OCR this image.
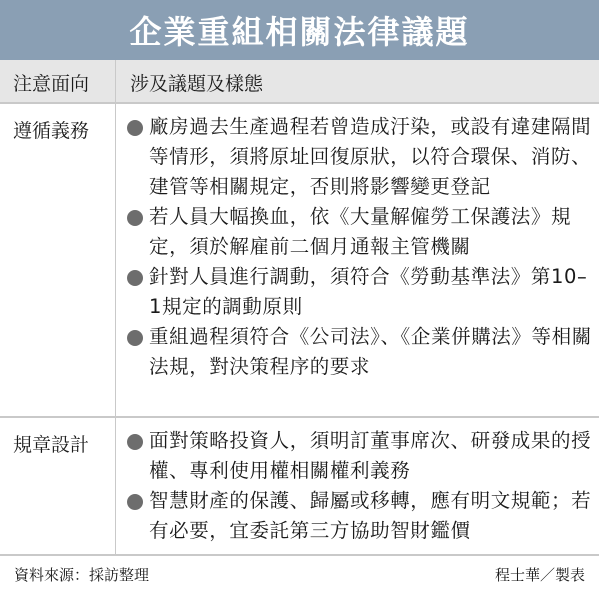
企業重組相關法律議題
注意面向 涉及議題及樣態
遵循義務	廠房過去生產過程若曾造成汙染，或設有違建隔間等情形，須將原址回復原狀，以符合環保、消防、建管等相關規定，否則將影響變更登記
若人員大幅換血，依《大量解僱勞工保護法》規定，須於解雇前二個月通報主管機關
針對人員進行調動，須符合《勞動基準法》第10–1規定的調動原則
重組過程須符合《公司法》、《企業併購法》等相關法規，對決策程序的要求
規章設計	面對策略投資人，須明訂董事席次、研發成果的授權、專利使用權相關權利義務
智慧財產的保護、歸屬或移轉，應有明文規範；若有必要，宜委託第三方協助智財鑑價
資料來源：採訪整理	程士華／製表
